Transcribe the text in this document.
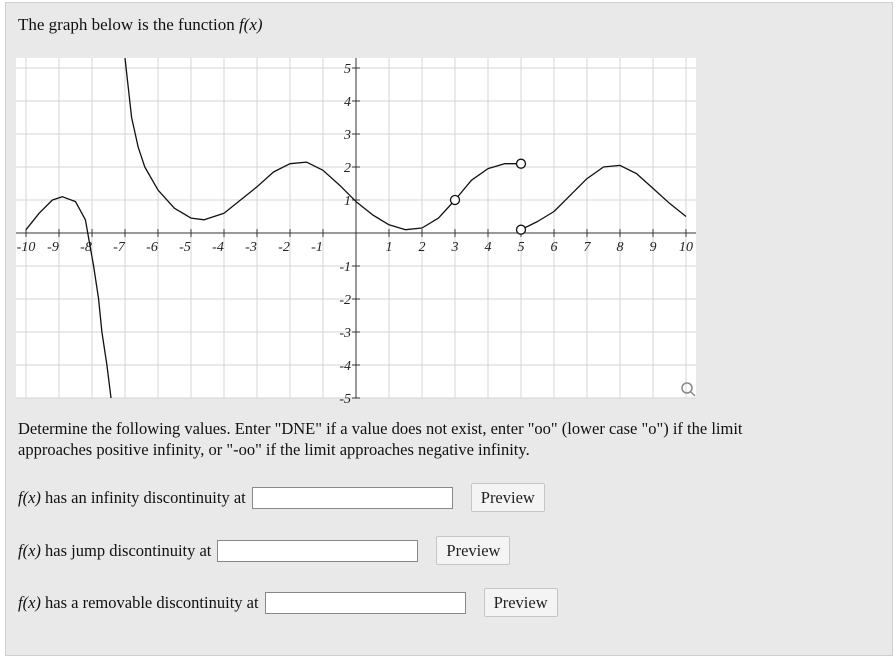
The graph below is the function f(x)
-10 -9 -8 -7 -6 -5 -4 -3 -2 -1	1 2 3 4 5 6 7 8 9 10
5
4
3
2
1
-1
-2
-3
-4
-5
Determine the following values. Enter "DNE" if a value does not exist, enter "oo" (lower case "o") if the limit approaches positive infinity, or "-oo" if the limit approaches negative infinity.
f(x) has an infinity discontinuity at	Preview
f(x) has jump discontinuity at	Preview
f(x) has a removable discontinuity at	Preview
